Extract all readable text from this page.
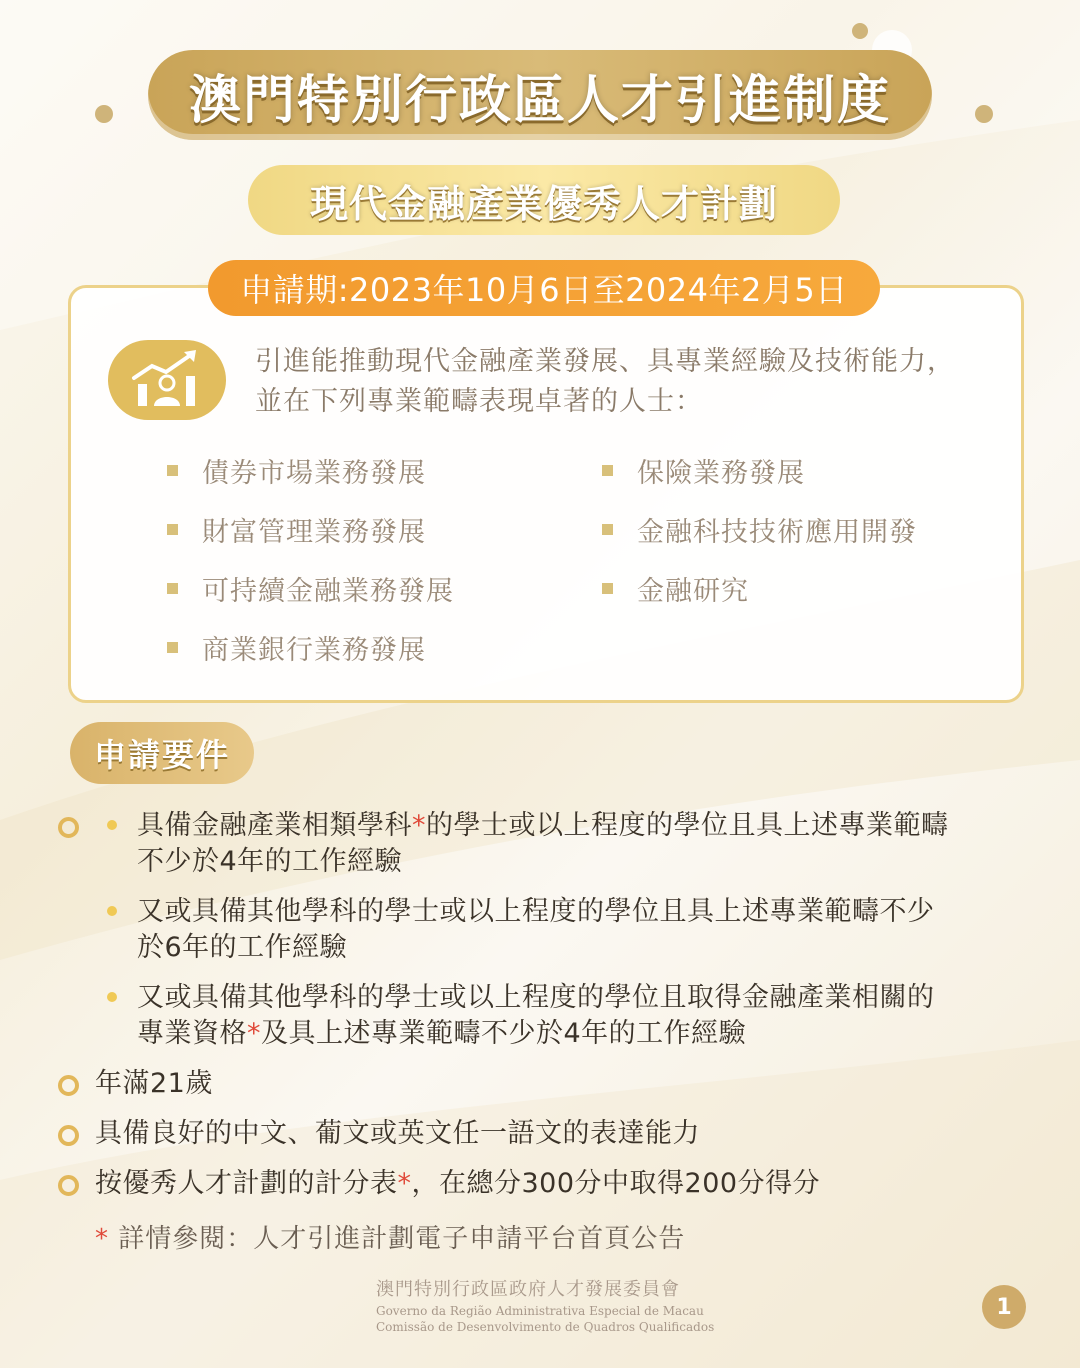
澳門特別行政區人才引進制度
現代金融產業優秀人才計劃
申請期:2023年10月6日至2024年2月5日
引進能推動現代金融產業發展、具專業經驗及技術能力，
並在下列專業範疇表現卓著的人士：
債券市場業務發展
財富管理業務發展
可持續金融業務發展
商業銀行業務發展
保險業務發展
金融科技技術應用開發
金融研究
申請要件
具備金融產業相類學科*的學士或以上程度的學位且具上述專業範疇
不少於4年的工作經驗
又或具備其他學科的學士或以上程度的學位且具上述專業範疇不少
於6年的工作經驗
又或具備其他學科的學士或以上程度的學位且取得金融產業相關的
專業資格*及具上述專業範疇不少於4年的工作經驗
年滿21歲
具備良好的中文、葡文或英文任一語文的表達能力
按優秀人才計劃的計分表*，在總分300分中取得200分得分
* 詳情參閱：人才引進計劃電子申請平台首頁公告
澳門特別行政區政府人才發展委員會
Governo da Região Administrativa Especial de Macau
Comissão de Desenvolvimento de Quadros Qualificados
1
